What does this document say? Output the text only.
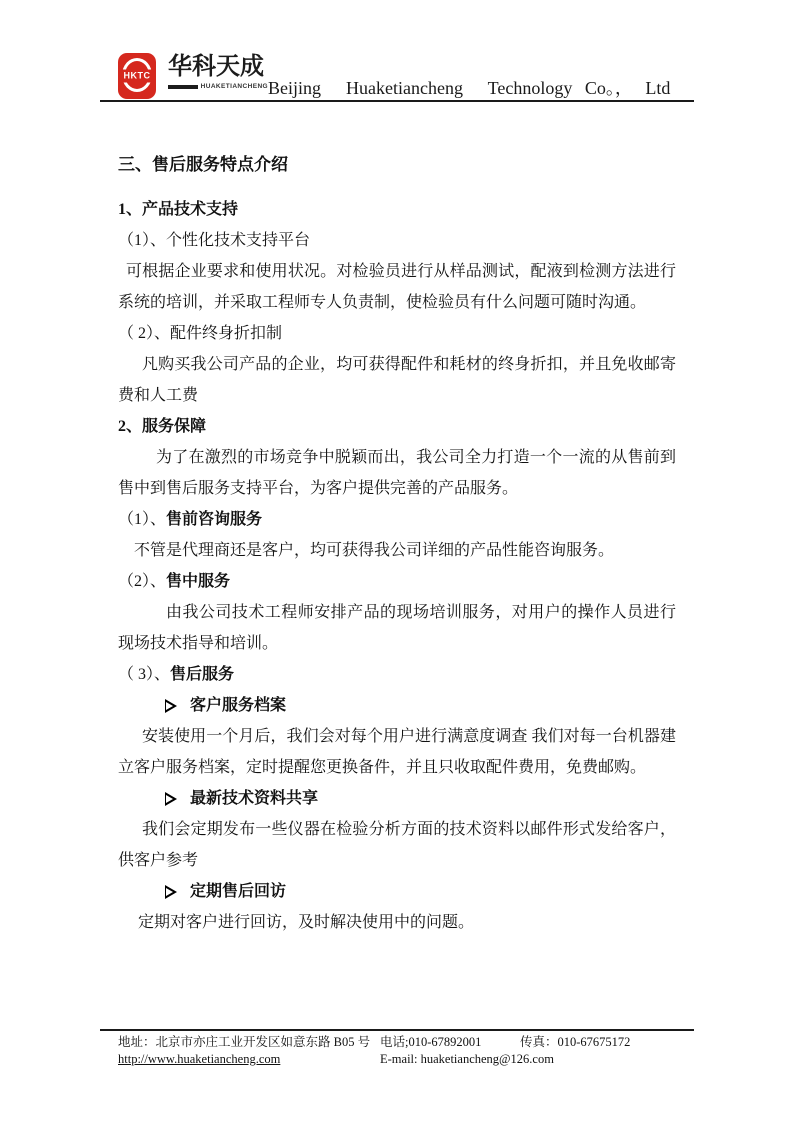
HKTC 华科天成
HUAKETIANCHENG Beijing  Huaketiancheng  Technology Co。， Ltd
三、售后服务特点介绍
1、产品技术支持

（1）、个性化技术支持平台

可根据企业要求和使用状况。对检验员进行从样品测试，配液到检测方法进行系统的培训，并采取工程师专人负责制，使检验员有什么问题可随时沟通。

（ 2）、配件终身折扣制

凡购买我公司产品的企业，均可获得配件和耗材的终身折扣，并且免收邮寄费和人工费

2、服务保障

为了在激烈的市场竞争中脱颖而出，我公司全力打造一个一流的从售前到售中到售后服务支持平台，为客户提供完善的产品服务。

（1）、售前咨询服务

不管是代理商还是客户，均可获得我公司详细的产品性能咨询服务。

（2）、售中服务

由我公司技术工程师安排产品的现场培训服务，对用户的操作人员进行现场技术指导和培训。

（ 3）、售后服务

客户服务档案

安装使用一个月后，我们会对每个用户进行满意度调查 我们对每一台机器建立客户服务档案，定时提醒您更换备件，并且只收取配件费用，免费邮购。

最新技术资料共享

我们会定期发布一些仪器在检验分析方面的技术资料以邮件形式发给客户，供客户参考

定期售后回访

定期对客户进行回访，及时解决使用中的问题。

地址：北京市亦庄工业开发区如意东路 B05 号 电话;010-67892001	传真：010-67675172
http://www.huaketiancheng.com	E-mail: huaketiancheng@126.com
